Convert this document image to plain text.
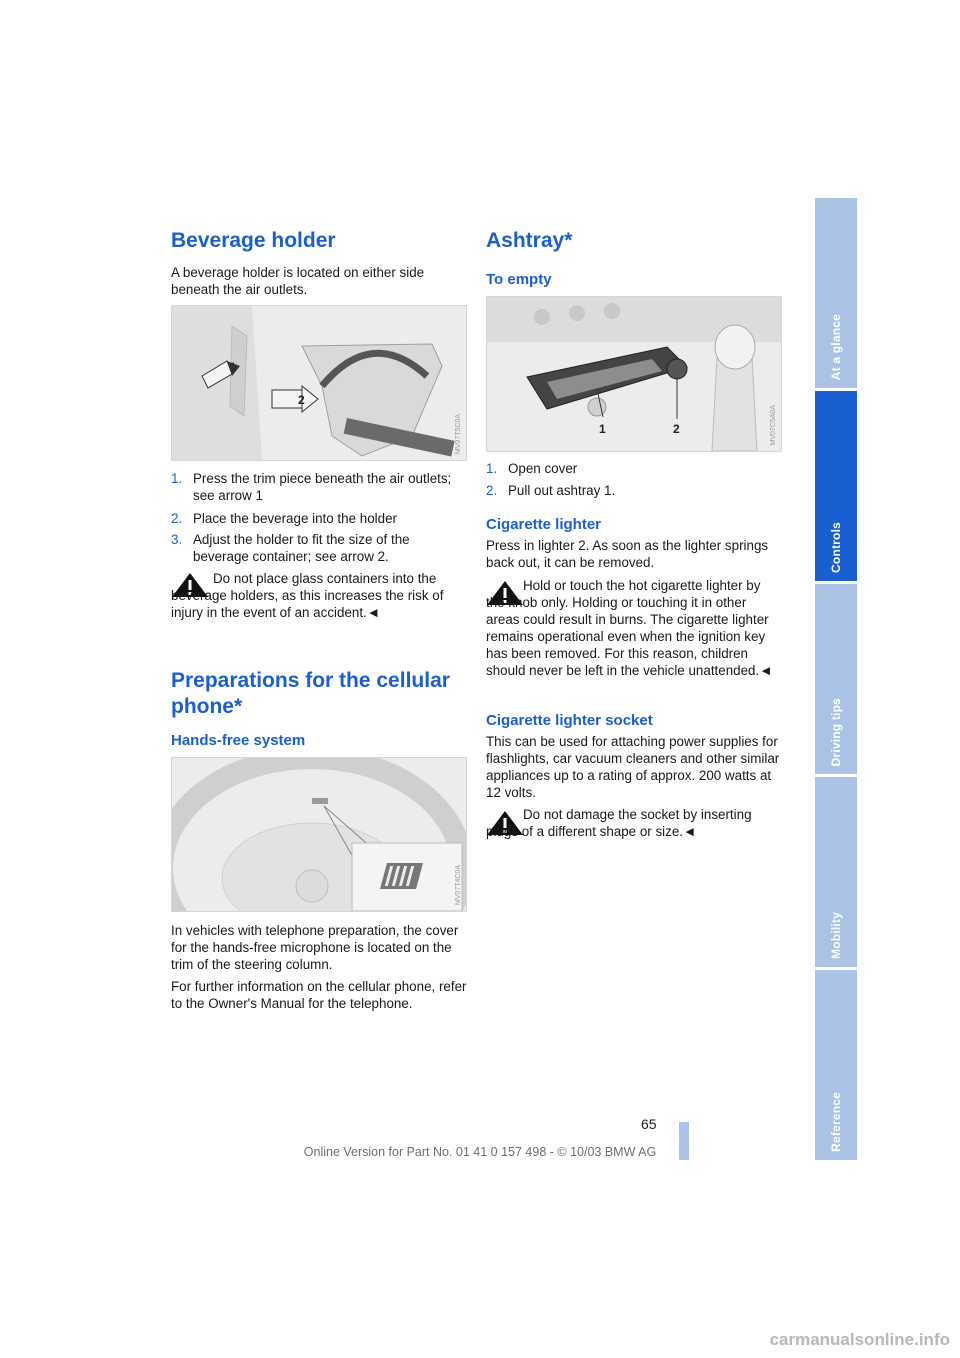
Beverage holder

A beverage holder is located on either side beneath the air outlets.

1
2
MV07T5C0A
1. Press the trim piece beneath the air outlets; see arrow 1
2. Place the beverage into the holder
3. Adjust the holder to fit the size of the beverage container; see arrow 2.
Do not place glass containers into the beverage holders, as this increases the risk of injury in the event of an accident.◄
Preparations for the cellular phone*
Hands-free system
MV07T4C0A

In vehicles with telephone preparation, the cover for the hands-free microphone is located on the trim of the steering column.

For further information on the cellular phone, refer to the Owner's Manual for the telephone.

Ashtray*
To empty
1	2	MV07C5A0A
1. Open cover
2. Pull out ashtray 1.
Cigarette lighter

Press in lighter 2. As soon as the lighter springs back out, it can be removed.

Hold or touch the hot cigarette lighter by the knob only. Holding or touching it in other areas could result in burns. The cigarette lighter remains operational even when the ignition key has been removed. For this reason, children should never be left in the vehicle unattended.◄
Cigarette lighter socket

This can be used for attaching power supplies for flashlights, car vacuum cleaners and other similar appliances up to a rating of approx. 200 watts at 12 volts.

Do not damage the socket by inserting plugs of a different shape or size.◄
At a glance
Controls
Driving tips
Mobility
Reference
65
Online Version for Part No. 01 41 0 157 498 - © 10/03 BMW AG
carmanualsonline.info
